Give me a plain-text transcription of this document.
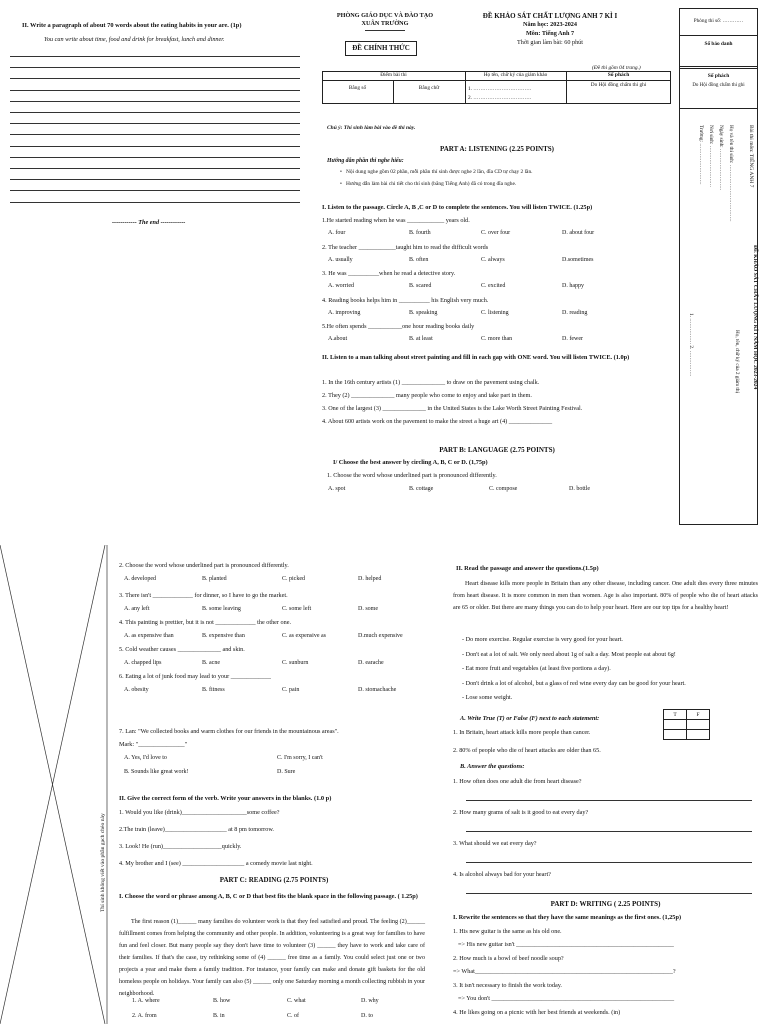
II. Write a paragraph of about 70 words about the eating habits in your are. (1p)
You can write about time, food and drink for breakfast, lunch and dinner.
------------ The end ------------
PHÒNG GIÁO DỤC VÀ ĐÀO TẠO
XUÂN TRƯỜNG
ĐỀ CHÍNH THỨC
ĐỀ KHẢO SÁT CHẤT LƯỢNG ANH 7 KÌ I
Năm học: 2023-2024
Môn: Tiếng Anh 7
Thời gian làm bài: 60 phút
(Đề thi gồm 04 trang.)
Điểm bài thi
Bằng số	Bằng chữ
Họ tên, chữ ký của giám khảo
1. ……………………………
2. ……………………………
Số phách
Do Hội đồng chấm thi ghi
Chú ý: Thí sinh làm bài vào đề thi này.
Phòng thi số: …………
Số báo danh
Số phách
Do Hội đồng chấm thi ghi
ĐỀ KHẢO SÁT CHẤT LƯỢNG KÌ I NĂM HỌC 2023-2024
Bài thi môn: TIẾNG ANH 7
Họ và tên thí sinh: ……………………………
Ngày sinh: ……………………
Nơi sinh: ……………………
Trường: ……………………
Họ, tên, chữ ký của 2 giám thị
1. …………… 2. ……………
PART A: LISTENING (2.25 POINTS)
Hướng dẫn phần thi nghe hiểu:
•   Nội dung nghe gồm 02 phần, mỗi phần thí sinh được nghe 2 lần, đĩa CD tự chạy 2 lần.
•   Hướng dẫn làm bài chi tiết cho thí sinh (bằng Tiếng Anh) đã có trong đĩa nghe.
I. Listen to the passage. Circle A, B ,C or D to complete the sentences. You will listen TWICE. (1.25p)
1.He started reading when he was ____________ years old.
A. four	B. fourth	C. over four	D. about four
2. The teacher ____________taught him to read the difficult words
A. usually	B. often	C. always	D.sometimes
3. He was __________when he read a detective story.
A. worried	B. scared	C. excited	D. happy
4. Reading books helps him in __________ his English very much.
A. improving	B. speaking	C. listening	D. reading
5.He often spends ___________one hour reading books daily
A.about	B. at least	C. more than	D. fewer
II. Listen to a man talking about street painting and fill in each gap with ONE word. You will listen TWICE. (1.0p)
1. In the 16th century artists (1) ______________ to draw on the pavement using chalk.
2. They (2) ______________ many people who come to enjoy and take part in them.
3. One of the largest (3) ______________ in the United States is the Lake Worth Street Painting Festival.
4. About 600 artists work on the pavement to make the street a huge art (4) ______________
PART B: LANGUAGE (2.75 POINTS)
I/ Choose the best answer by circling A, B, C or D. (1,75p)
1. Choose the word whose underlined part is pronounced differently.
A. spot	B. cottage	C. compose	D. bottle
Thí sinh không viết vào phần gạch chéo này
2. Choose the word whose underlined part is pronounced differently.
A. developed	B. planted	C. picked	D. helped
3. There isn't _____________ for dinner, so I have to go the market.
A. any left	B. some leaving	C. some left	D. some
4. This painting is prettier, but it is not _____________ the other one.
A. as expensive than	B. expensive than	C. as expensive as	D.much expensive
5. Cold weather causes ______________ and skin.
A. chapped lips	B. acne	C. sunburn	D. earache
6. Eating a lot of junk food may lead to your _____________
A. obesity	B. fitness	C. pain	D. stomachache
7. Lan: "We collected books and warm clothes for our friends in the mountainous areas".
Mark: "_______________"
A. Yes, I'd love to	C. I'm sorry, I can't
B. Sounds like great work!	D. Sure
II. Give the correct form of the verb. Write your answers in the blanks. (1.0 p)
1. Would you like (drink)_____________________some coffee?
2.The train (leave)____________________ at 8 pm tomorrow.
3. Look! He (run)___________________quickly.
4. My brother and I (see) ____________________ a comedy movie last night.
PART C: READING (2.75 POINTS)
I. Choose the word or phrase among A, B, C or D that best fits the blank space in the following passage. ( 1.25p)
The first reason (1)______ many families do volunteer work is that they feel satisfied and proud. The feeling (2)______ fulfillment comes from helping the community and other people. In addition, volunteering is a great way for families to have fun and feel closer. But many people say they don't have time to volunteer (3) ______ they have to work and take care of their families. If that's the case, try rethinking some of (4) ______ free time as a family. You could select just one or two projects a year and make them a family tradition. For instance, your family can make and donate gift baskets for the old homeless people on holidays. Your family can also (5) ______ only one Saturday morning a month collecting rubbish in your neighborhood.
1. A. where	B. how	C. what	D. why
2. A. from	B. in	C. of	D. to
II. Read the passage and answer the questions.(1.5p)
Heart disease kills more people in Britain than any other disease, including cancer. One adult dies every three minutes from heart disease. It is more common in men than women. Age is also important. 80% of people who die of heart attacks are 65 or older. But there are many things you can do to help your heart. Here are our top tips for a healthy heart!
- Do more exercise. Regular exercise is very good for your heart.
- Don't eat a lot of salt. We only need about 1g of salt a day. Most people eat about 6g!
- Eat more fruit and vegetables (at least five portions a day).
- Don't drink a lot of alcohol, but a glass of red wine every day can be good for your heart.
- Lose some weight.
A. Write True (T) or False (F) next to each statement:
T	F

1. In Britain, heart attack kills more people than cancer.
2. 80% of people who die of heart attacks are older than 65.
B. Answer the questions:
1. How often does one adult die from heart disease?
2. How many grams of salt is it good to eat every day?
3. What should we eat every day?
4. Is alcohol always bad for your heart?
PART D: WRITING ( 2.25 POINTS)
I. Rewrite the sentences so that they have the same meanings as the first ones. (1,25p)
1. His new guitar is the same as his old one.
=> His new guitar isn't ___________________________________________________
2. How much is a bowl of beef noodle soup?
=> What________________________________________________________________?
3. It isn't necessary to finish the work today.
=> You don't ___________________________________________________________
4. He likes going on a picnic with her best friends at weekends. (in)
